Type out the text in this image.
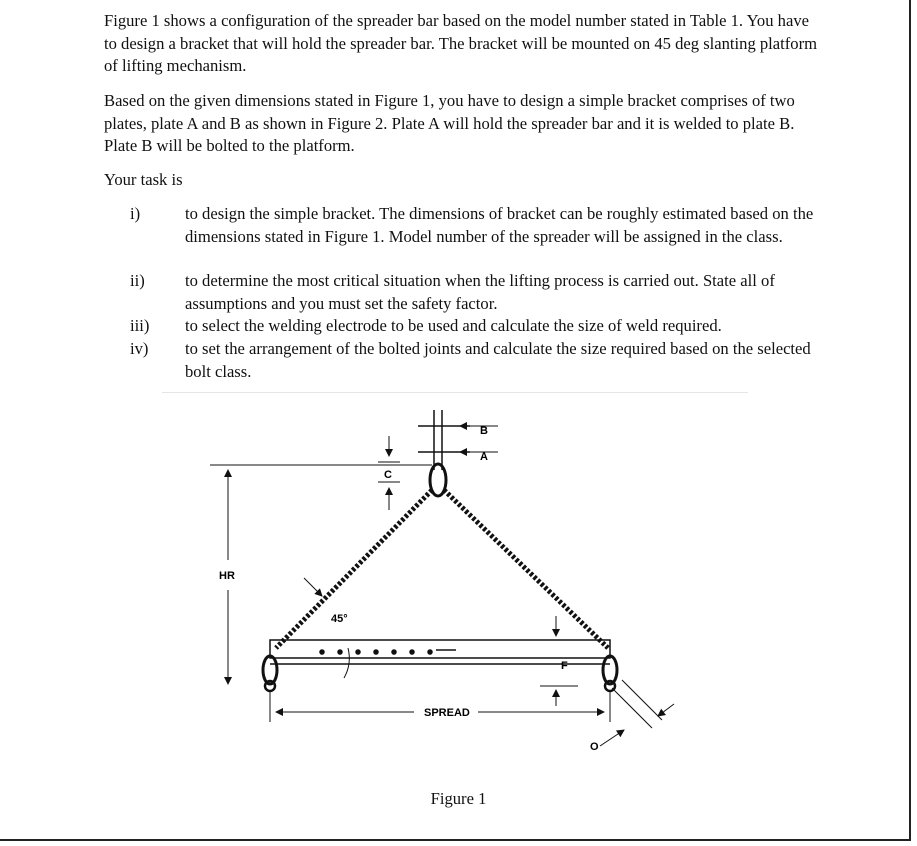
Figure 1 shows a configuration of the spreader bar based on the model number stated in Table 1. You have to design a bracket that will hold the spreader bar. The bracket will be mounted on 45 deg slanting platform of lifting mechanism.

Based on the given dimensions stated in Figure 1, you have to design a simple bracket comprises of two plates, plate A and B as shown in Figure 2. Plate A will hold the spreader bar and it is welded to plate B. Plate B will be bolted to the platform.

Your task is

i)	to design the simple bracket. The dimensions of bracket can be roughly estimated based on the dimensions stated in Figure 1. Model number of the spreader will be assigned in the class.
ii) to determine the most critical situation when the lifting process is carried out. State all of assumptions and you must set the safety factor.
iii) to select the welding electrode to be used and calculate the size of weld required.
iv) to set the arrangement of the bolted joints and calculate the size required based on the selected bolt class.
B
A
C
HR
45°
F
SPREAD
O
Figure 1
